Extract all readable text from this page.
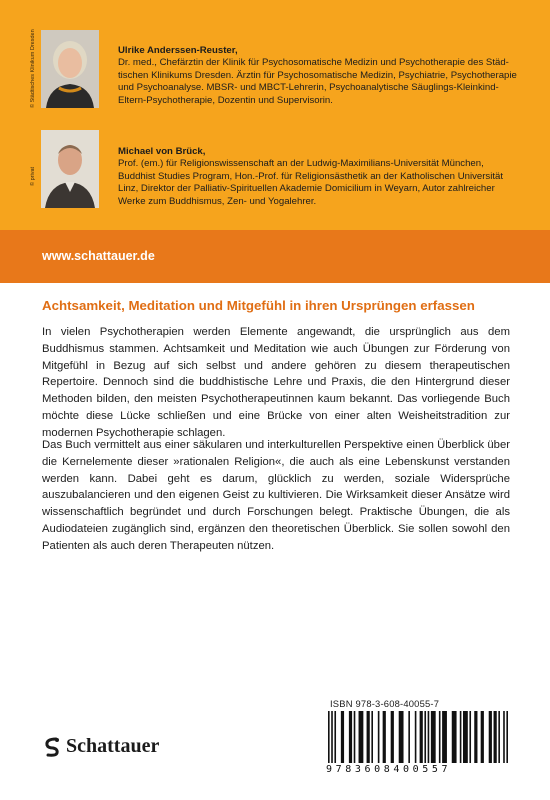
© Städtisches Klinikum Dresden	Ulrike Anderssen-Reuster,
Dr. med., Chefärztin der Klinik für Psychosomatische Medizin und Psychotherapie des Städ-
tischen Klinikums Dresden. Ärztin für Psychosomatische Medizin, Psychiatrie, Psychotherapie
und Psychoanalyse. MBSR- und MBCT-Lehrerin, Psychoanalytische Säuglings-Kleinkind-
Eltern-Psychotherapie, Dozentin und Supervisorin.
© privat
Michael von Brück,
Prof. (em.) für Religionswissenschaft an der Ludwig-Maximilians-Universität München,
Buddhist Studies Program, Hon.-Prof. für Religionsästhetik an der Katholischen Universität
Linz, Direktor der Palliativ-Spirituellen Akademie Domicilium in Weyarn, Autor zahlreicher
Werke zum Buddhismus, Zen- und Yogalehrer.
www.schattauer.de
Achtsamkeit, Meditation und Mitgefühl in ihren Ursprüngen erfassen

In vielen Psychotherapien werden Elemente angewandt, die ursprünglich aus dem Buddhismus stammen. Achtsamkeit und Meditation wie auch Übungen zur Förderung von Mitgefühl in Bezug auf sich selbst und andere gehören zu diesem therapeutischen Repertoire. Dennoch sind die buddhistische Lehre und Praxis, die den Hintergrund dieser Methoden bilden, den meisten Psychotherapeutinnen kaum bekannt. Das vorliegende Buch möchte diese Lücke schließen und eine Brücke von einer alten Weisheitstradition zur modernen Psychotherapie schlagen.

Das Buch vermittelt aus einer säkularen und interkulturellen Perspektive einen Überblick über die Kernelemente dieser »rationalen Religion«, die auch als eine Lebenskunst verstanden werden kann. Dabei geht es darum, glücklich zu werden, soziale Widersprüche auszubalancieren und den eigenen Geist zu kultivieren. Die Wirksamkeit dieser Ansätze wird wissenschaftlich begründet und durch Forschungen belegt. Praktische Übungen, die als Audiodateien zugänglich sind, ergänzen den theoretischen Überblick. Sie sollen sowohl den Patienten als auch deren Therapeuten nützen.

Schattauer
ISBN 978-3-608-40055-7
9783608400557
